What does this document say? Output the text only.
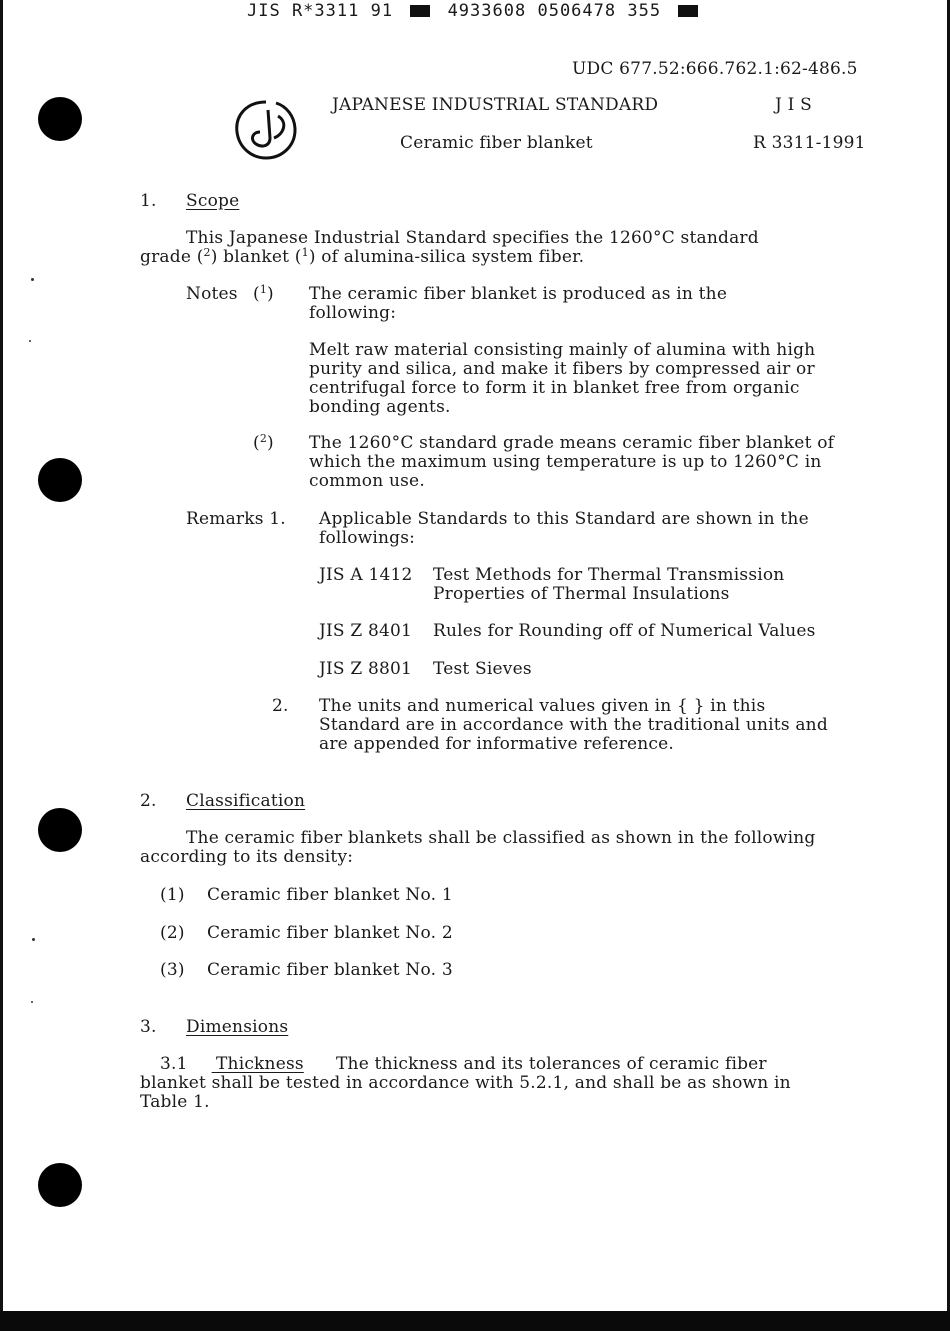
JIS R*3311 91	4933608 0506478 355
UDC 677.52:666.762.1:62-486.5
JAPANESE INDUSTRIAL STANDARD	J I S
Ceramic fiber blanket	R 3311-1991
1. Scope
This Japanese Industrial Standard specifies the 1260°C standard
grade ($^2$) blanket ($^1$) of alumina-silica system fiber.
Notes ($^1$) The ceramic fiber blanket is produced as in the
following:
Melt raw material consisting mainly of alumina with high
purity and silica, and make it fibers by compressed air or
centrifugal force to form it in blanket free from organic
bonding agents.
($^2$) The 1260°C standard grade means ceramic fiber blanket of
which the maximum using temperature is up to 1260°C in
common use.
Remarks 1. Applicable Standards to this Standard are shown in the
followings:
JIS A 1412 Test Methods for Thermal Transmission
Properties of Thermal Insulations
JIS Z 8401 Rules for Rounding off of Numerical Values
JIS Z 8801 Test Sieves
2. The units and numerical values given in { } in this
Standard are in accordance with the traditional units and
are appended for informative reference.
2. Classification
The ceramic fiber blankets shall be classified as shown in the following
according to its density:
(1) Ceramic fiber blanket No. 1
(2) Ceramic fiber blanket No. 2
(3) Ceramic fiber blanket No. 3
3. Dimensions
3.1 Thickness The thickness and its tolerances of ceramic fiber
blanket shall be tested in accordance with 5.2.1, and shall be as shown in
Table 1.
